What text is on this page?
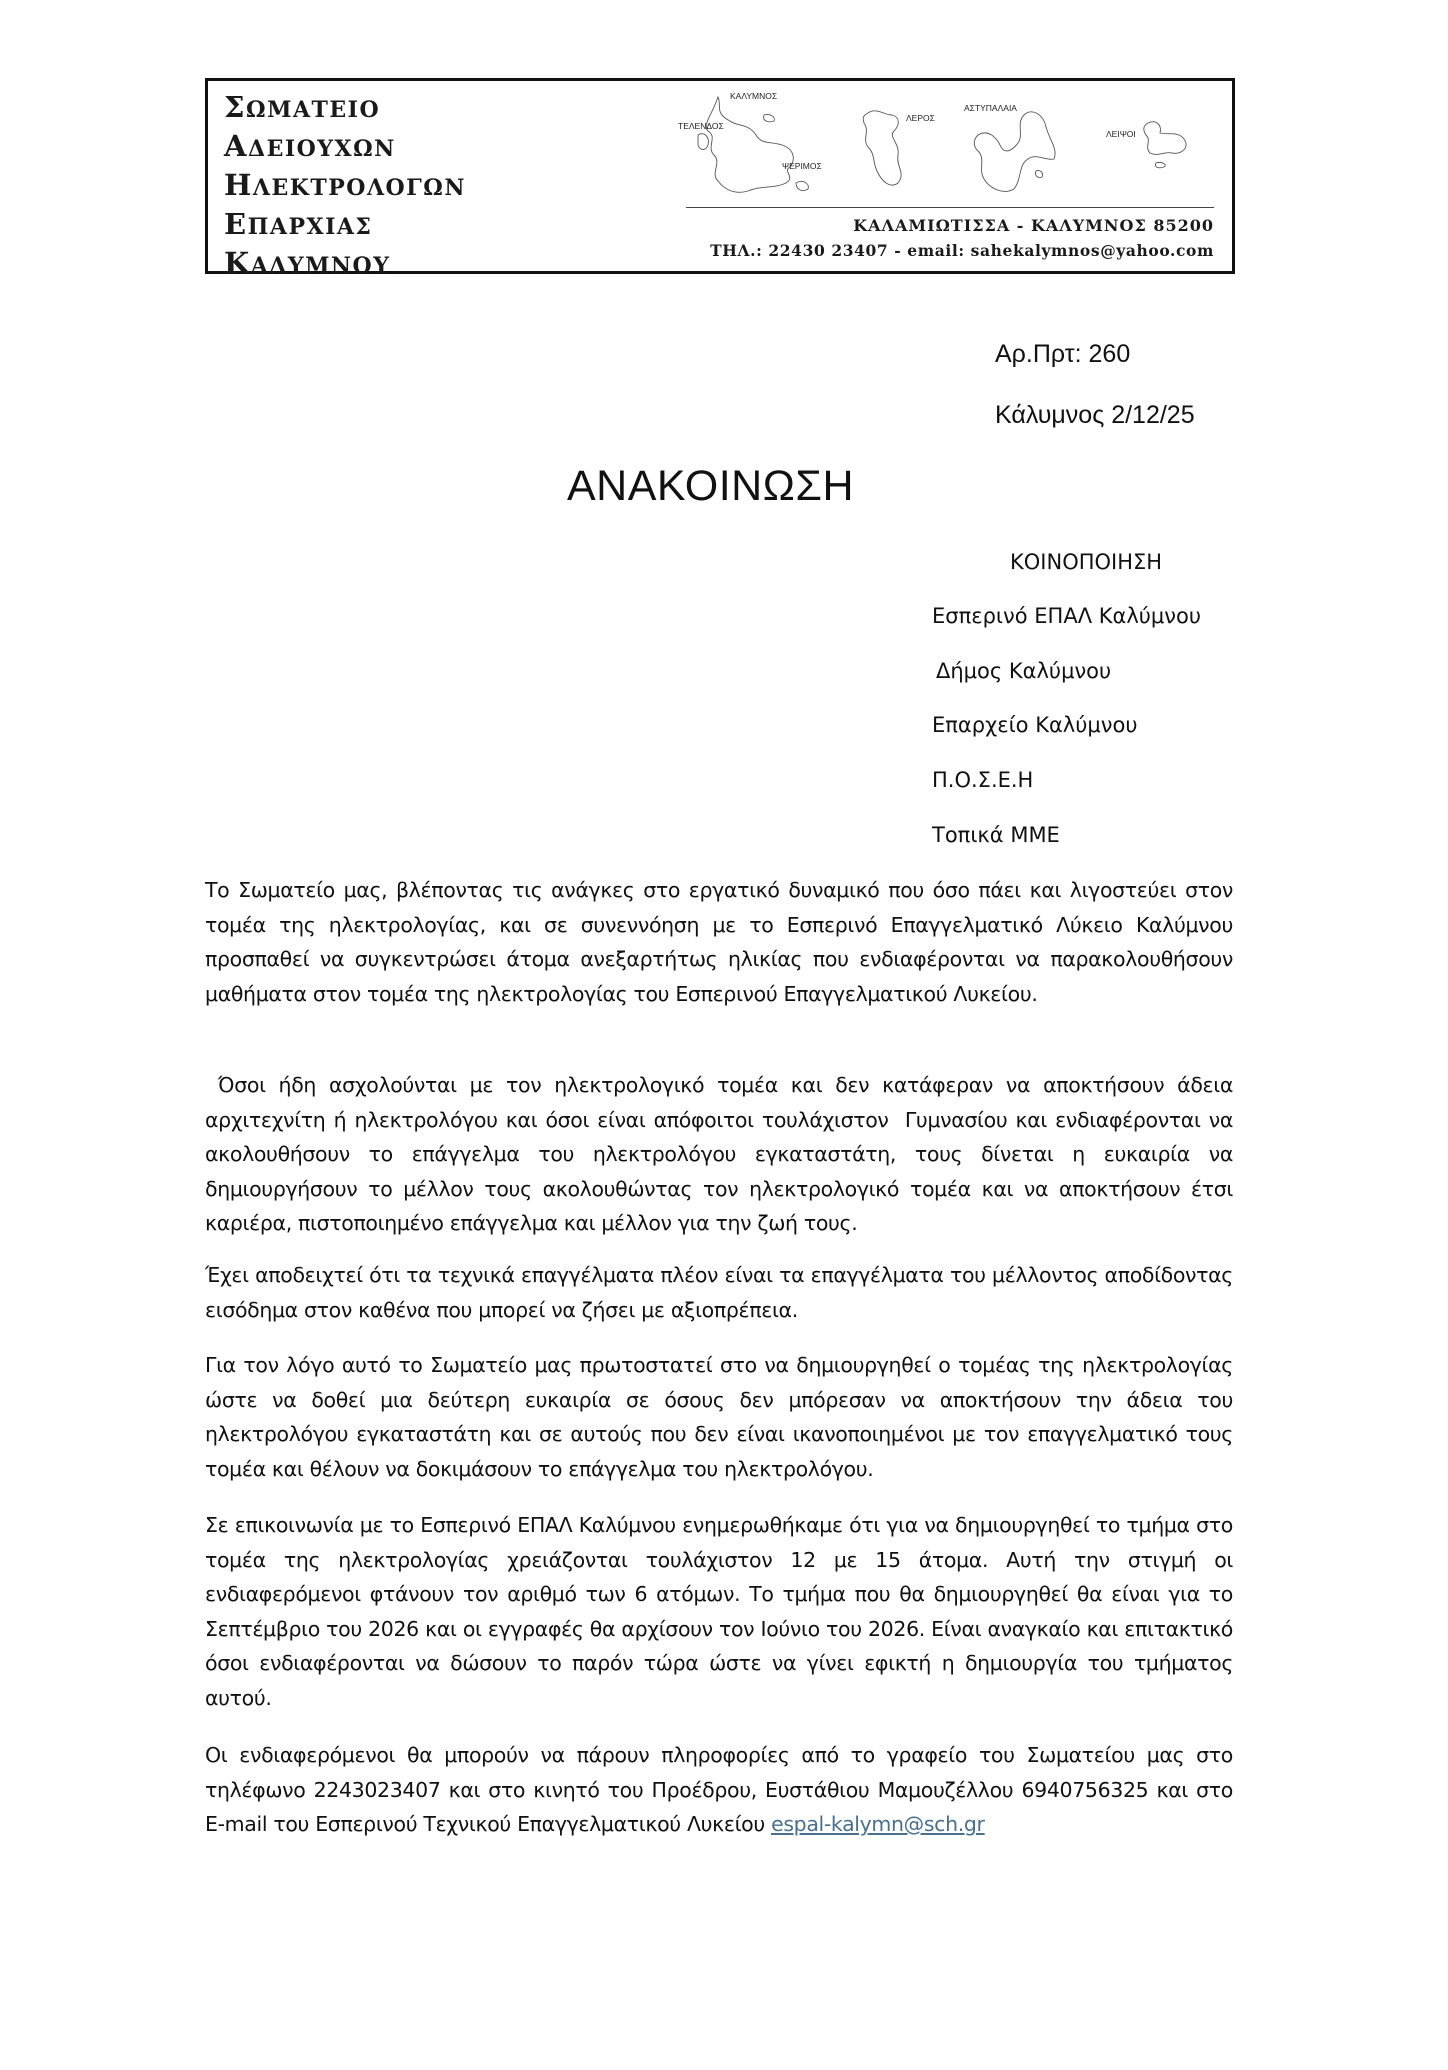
ΣΩΜΑΤΕΙΟ
ΑΔΕΙΟΥΧΩΝ
ΗΛΕΚΤΡΟΛΟΓΩΝ
ΕΠΑΡΧΙΑΣ
ΚΑΛΥΜΝΟΥ
ΚΑΛΥΜΝΟΣ
ΤΕΛΕΝΔΟΣ
ΨΕΡΙΜΟΣ
ΛΕΡΟΣ
ΑΣΤΥΠΑΛΑΙΑ
ΛΕΙΨΟΙ
ΚΑΛΑΜΙΩΤΙΣΣΑ - ΚΑΛΥΜΝΟΣ 85200
ΤΗΛ.: 22430 23407 - email: sahekalymnos@yahoo.com
Αρ.Πρτ: 260
Κάλυμνος 2/12/25
ΑΝΑΚΟΙΝΩΣΗ
ΚΟΙΝΟΠΟΙΗΣΗ
Εσπερινό ΕΠΑΛ Καλύμνου
Δήμος Καλύμνου
Επαρχείο Καλύμνου
Π.Ο.Σ.Ε.Η
Τοπικά ΜΜΕ

Το Σωματείο μας, βλέποντας τις ανάγκες στο εργατικό δυναμικό που όσο πάει και λιγοστεύει στον τομέα της ηλεκτρολογίας, και σε συνεννόηση με το Εσπερινό Επαγγελματικό Λύκειο Καλύμνου προσπαθεί να συγκεντρώσει άτομα ανεξαρτήτως ηλικίας που ενδιαφέρονται να παρακολουθήσουν μαθήματα στον τομέα της ηλεκτρολογίας του Εσπερινού Επαγγελματικού Λυκείου.

Όσοι ήδη ασχολούνται με τον ηλεκτρολογικό τομέα και δεν κατάφεραν να αποκτήσουν άδεια αρχιτεχνίτη ή ηλεκτρολόγου και όσοι είναι απόφοιτοι τουλάχιστον  Γυμνασίου και ενδιαφέρονται να ακολουθήσουν το επάγγελμα του ηλεκτρολόγου εγκαταστάτη, τους δίνεται η ευκαιρία να δημιουργήσουν το μέλλον τους ακολουθώντας τον ηλεκτρολογικό τομέα και να αποκτήσουν έτσι καριέρα, πιστοποιημένο επάγγελμα και μέλλον για την ζωή τους.

Έχει αποδειχτεί ότι τα τεχνικά επαγγέλματα πλέον είναι τα επαγγέλματα του μέλλοντος αποδίδοντας εισόδημα στον καθένα που μπορεί να ζήσει με αξιοπρέπεια.

Για τον λόγο αυτό το Σωματείο μας πρωτοστατεί στο να δημιουργηθεί ο τομέας της ηλεκτρολογίας ώστε να δοθεί μια δεύτερη ευκαιρία σε όσους δεν μπόρεσαν να αποκτήσουν την άδεια του ηλεκτρολόγου εγκαταστάτη και σε αυτούς που δεν είναι ικανοποιημένοι με τον επαγγελματικό τους τομέα και θέλουν να δοκιμάσουν το επάγγελμα του ηλεκτρολόγου.

Σε επικοινωνία με το Εσπερινό ΕΠΑΛ Καλύμνου ενημερωθήκαμε ότι για να δημιουργηθεί το τμήμα στο τομέα της ηλεκτρολογίας χρειάζονται τουλάχιστον 12 με 15 άτομα. Αυτή την στιγμή οι ενδιαφερόμενοι φτάνουν τον αριθμό των 6 ατόμων. Το τμήμα που θα δημιουργηθεί θα είναι για το Σεπτέμβριο του 2026 και οι εγγραφές θα αρχίσουν τον Ιούνιο του 2026. Είναι αναγκαίο και επιτακτικό όσοι ενδιαφέρονται να δώσουν το παρόν τώρα ώστε να γίνει εφικτή η δημιουργία του τμήματος αυτού.

Οι ενδιαφερόμενοι θα μπορούν να πάρουν πληροφορίες από το γραφείο του Σωματείου μας στο τηλέφωνο 2243023407 και στο κινητό του Προέδρου, Ευστάθιου Μαμουζέλλου 6940756325 και στο E-mail του Εσπερινού Τεχνικού Επαγγελματικού Λυκείου espal-kalymn@sch.gr
